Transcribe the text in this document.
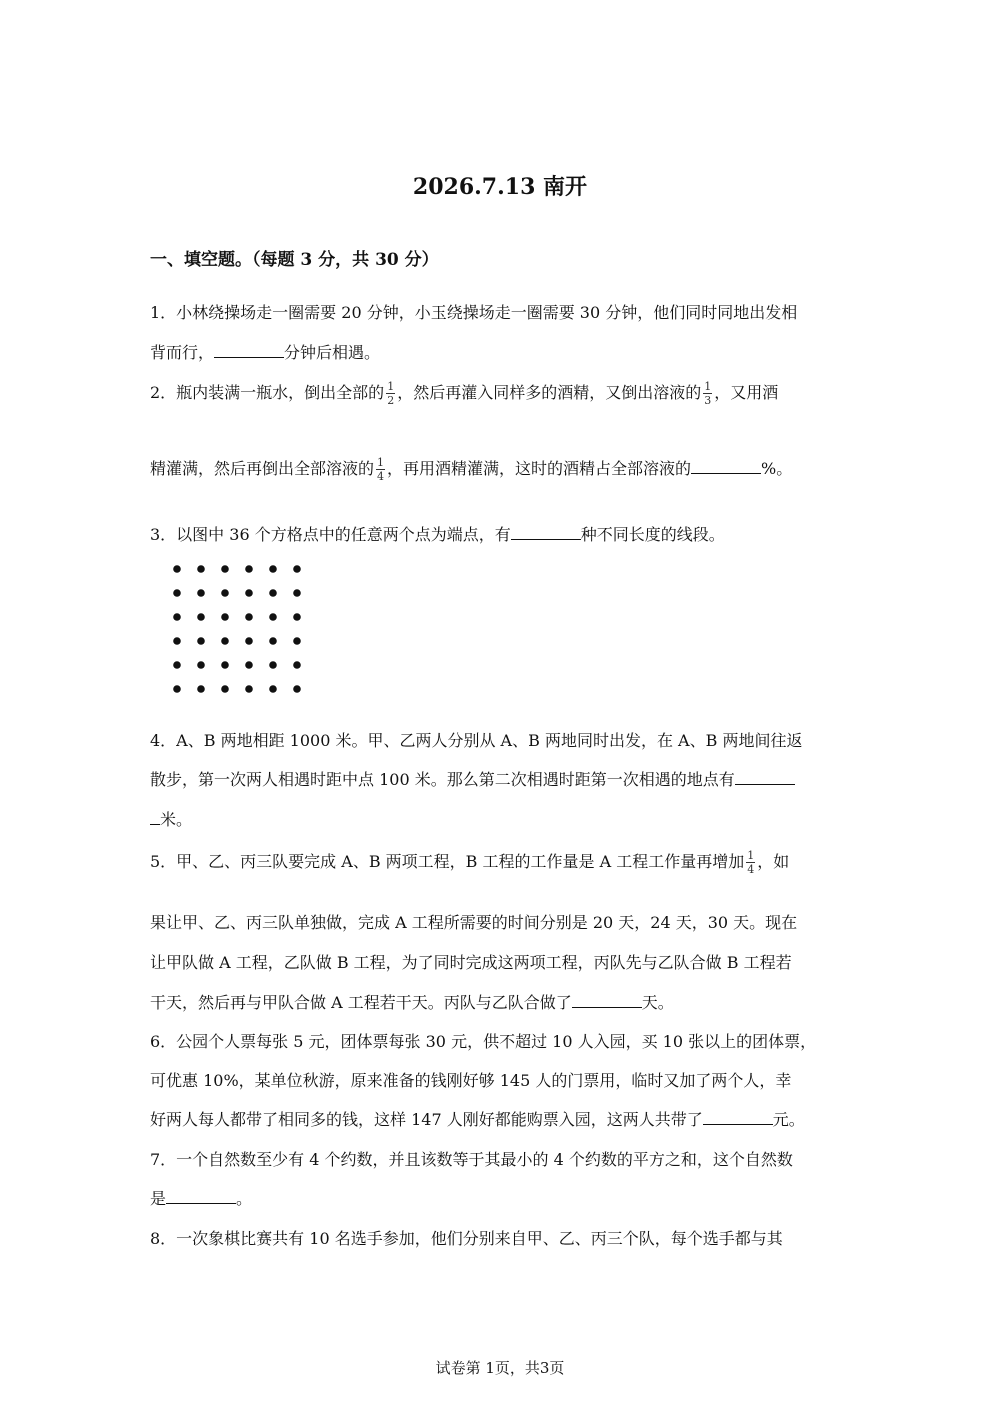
2026.7.13 南开
一、填空题。（每题 3 分，共 30 分）
1．小林绕操场走一圈需要 20 分钟，小玉绕操场走一圈需要 30 分钟，他们同时同地出发相
背而行，	分钟后相遇。
2．瓶内装满一瓶水，倒出全部的 $\frac{1}{2}$ ，然后再灌入同样多的酒精，又倒出溶液的 $\frac{1}{3}$ ，又用酒
精灌满，然后再倒出全部溶液的 $\frac{1}{4}$ ，再用酒精灌满，这时的酒精占全部溶液的	%。
3．以图中 36 个方格点中的任意两个点为端点，有	种不同长度的线段。
4．A、B 两地相距 1000 米。甲、乙两人分别从 A、B 两地同时出发，在 A、B 两地间往返
散步，第一次两人相遇时距中点 100 米。那么第二次相遇时距第一次相遇的地点有
米。
5．甲、乙、丙三队要完成 A、B 两项工程，B 工程的工作量是 A 工程工作量再增加 $\frac{1}{4}$ ，如
果让甲、乙、丙三队单独做，完成 A 工程所需要的时间分别是 20 天，24 天，30 天。现在
让甲队做 A 工程，乙队做 B 工程，为了同时完成这两项工程，丙队先与乙队合做 B 工程若
干天，然后再与甲队合做 A 工程若干天。丙队与乙队合做了	天。
6．公园个人票每张 5 元，团体票每张 30 元，供不超过 10 人入园，买 10 张以上的团体票，
可优惠 10%，某单位秋游，原来准备的钱刚好够 145 人的门票用，临时又加了两个人，幸
好两人每人都带了相同多的钱，这样 147 人刚好都能购票入园，这两人共带了	元。
7．一个自然数至少有 4 个约数，并且该数等于其最小的 4 个约数的平方之和，这个自然数
是	。
8．一次象棋比赛共有 10 名选手参加，他们分别来自甲、乙、丙三个队，每个选手都与其
试卷第 1页，共3页
